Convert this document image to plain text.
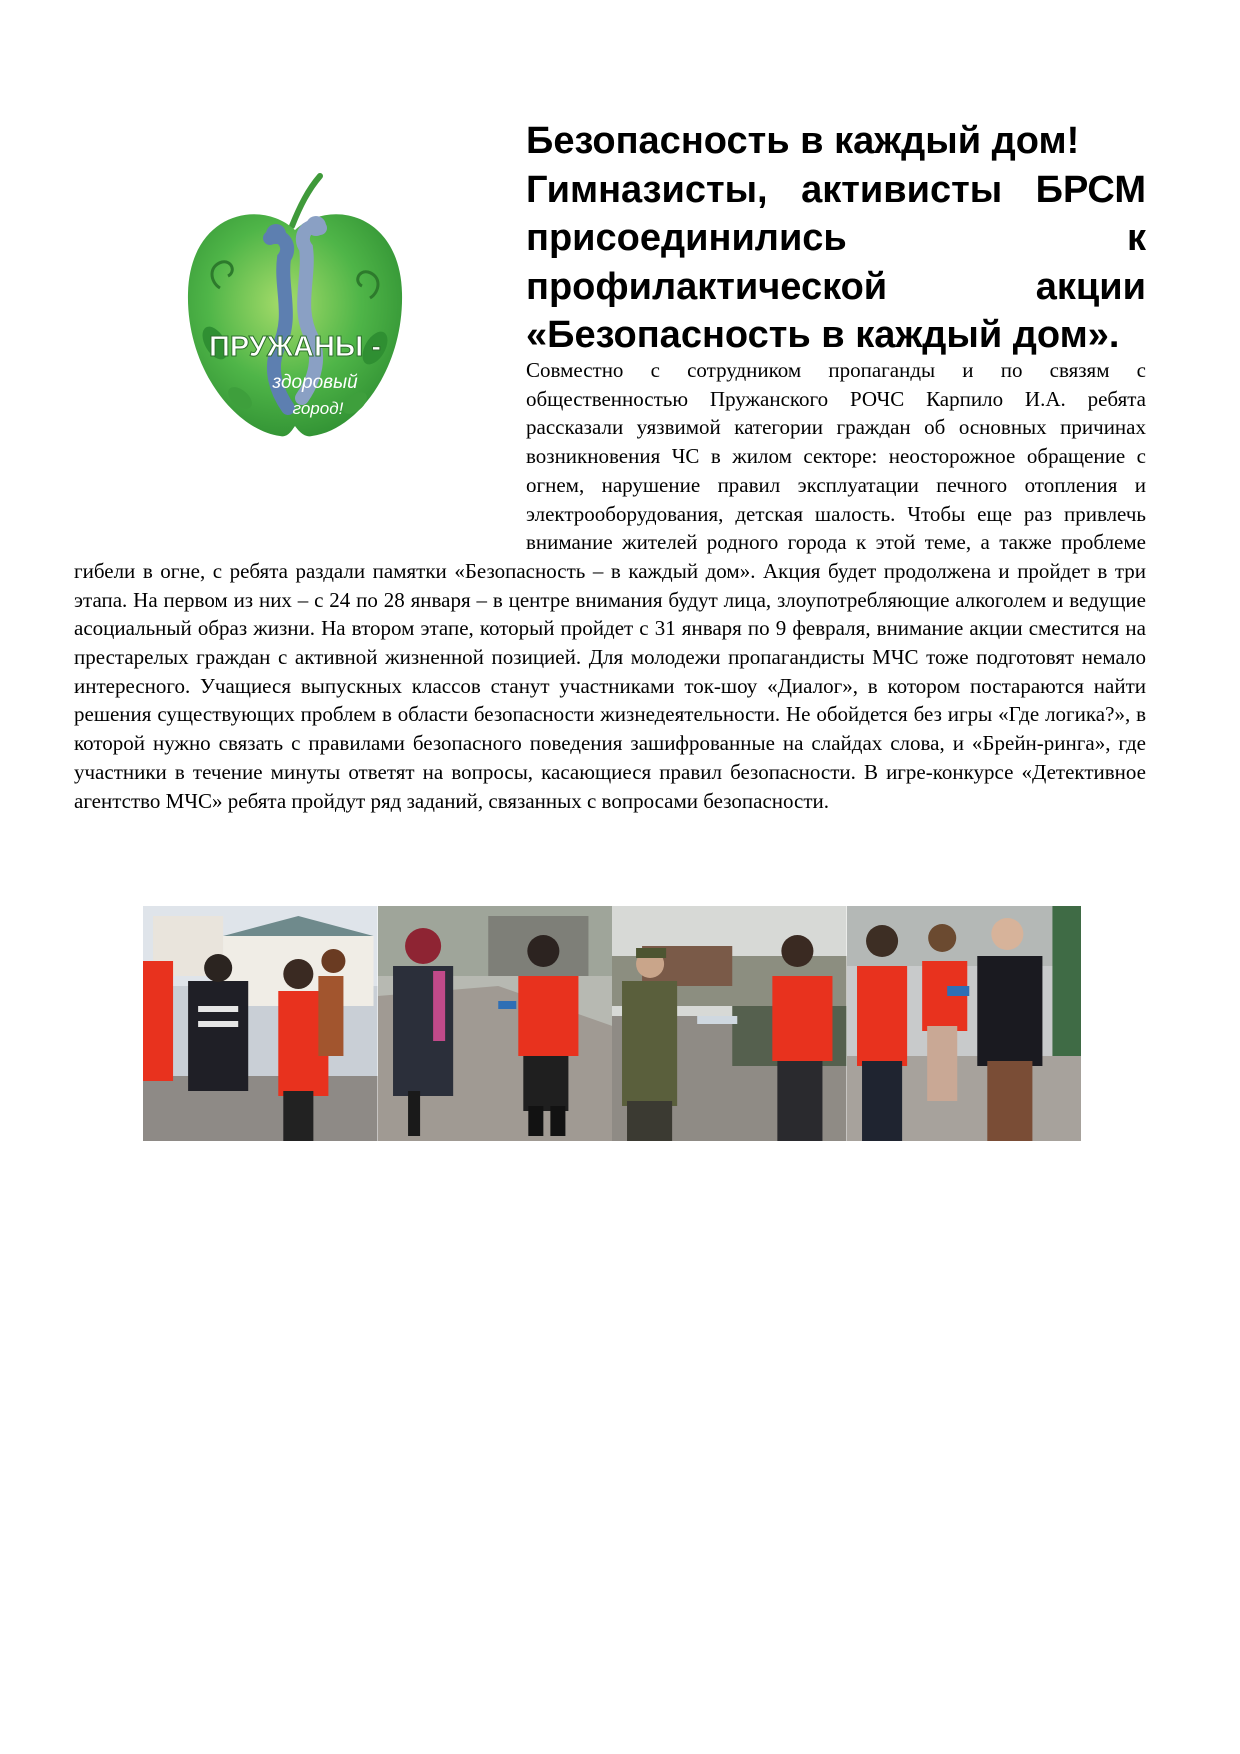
ПРУЖАНЫ -
здоровый
город!
Безопасность в каждый дом!
Гимназисты, активисты БРСМ присоединились к профилактической акции «Безопасность в каждый дом».
Совместно с сотрудником пропаганды и по связям с общественностью Пружанского РОЧС Карпило И.А. ребята рассказали уязвимой категории граждан об основных причинах возникновения ЧС в жилом секторе: неосторожное обращение с огнем, нарушение правил эксплуатации печного отопления и электрооборудования, детская шалость. Чтобы еще раз привлечь внимание жителей родного города к этой теме, а также проблеме гибели в огне, с ребята раздали памятки «Безопасность – в каждый дом». Акция будет продолжена и пройдет в три этапа. На первом из них – с 24 по 28 января – в центре внимания будут лица, злоупотребляющие алкоголем и ведущие асоциальный образ жизни. На втором этапе, который пройдет с 31 января по 9 февраля, внимание акции сместится на престарелых граждан с активной жизненной позицией. Для молодежи пропагандисты МЧС тоже подготовят немало интересного. Учащиеся выпускных классов станут участниками ток-шоу «Диалог», в котором постараются найти решения существующих проблем в области безопасности жизнедеятельности. Не обойдется без игры «Где логика?», в которой нужно связать с правилами безопасного поведения зашифрованные на слайдах слова, и «Брейн-ринга», где участники в течение минуты ответят на вопросы, касающиеся правил безопасности. В игре-конкурсе «Детективное агентство МЧС» ребята пройдут ряд заданий, связанных с вопросами безопасности.
